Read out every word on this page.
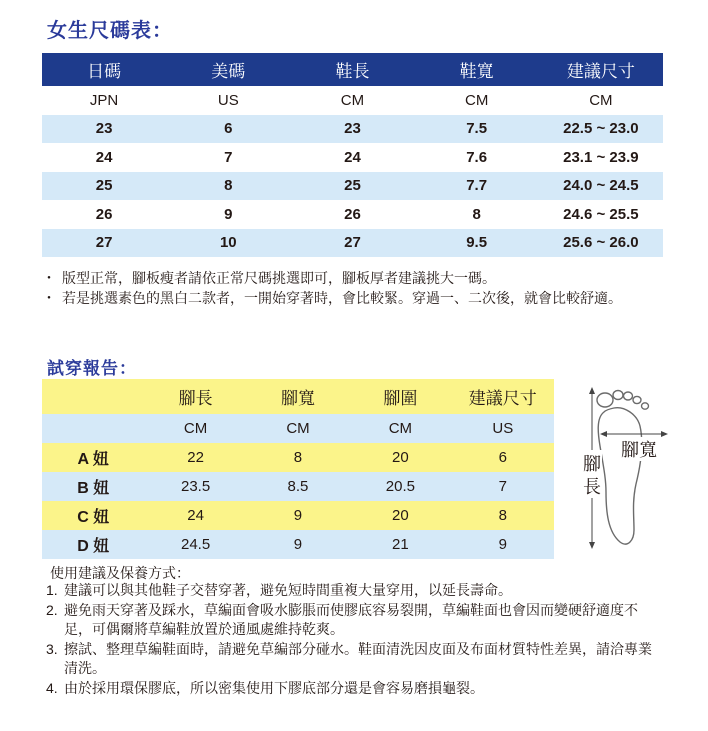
女生尺碼表：
日碼	美碼	鞋長	鞋寬	建議尺寸
JPN	US	CM	CM	CM
23	6	23	7.5	22.5 ~ 23.0
24	7	24	7.6	23.1 ~ 23.9
25	8	25	7.7	24.0 ~ 24.5
26	9	26	8	24.6 ~ 25.5
27	10	27	9.5	25.6 ~ 26.0
・ 版型正常，腳板瘦者請依正常尺碼挑選即可，腳板厚者建議挑大一碼。
・ 若是挑選素色的黑白二款者，一開始穿著時，會比較緊。穿過一、二次後，就會比較舒適。
試穿報告：
	腳長	腳寬	腳圍	建議尺寸
	CM	CM	CM	US
A 妞	22	8	20	6
B 妞	23.5	8.5	20.5	7
C 妞	24	9	20	8
D 妞	24.5	9	21	9
腳寬
腳
長

使用建議及保養方式：

1. 建議可以與其他鞋子交替穿著，避免短時間重複大量穿用，以延長壽命。
2. 避免雨天穿著及踩水，草編面會吸水膨脹而使膠底容易裂開，草編鞋面也會因而變硬舒適度不足，可偶爾將草編鞋放置於通風處維持乾爽。
3. 擦試、整理草編鞋面時，請避免草編部分碰水。鞋面清洗因皮面及布面材質特性差異，請洽專業清洗。
4. 由於採用環保膠底，所以密集使用下膠底部分還是會容易磨損龜裂。
